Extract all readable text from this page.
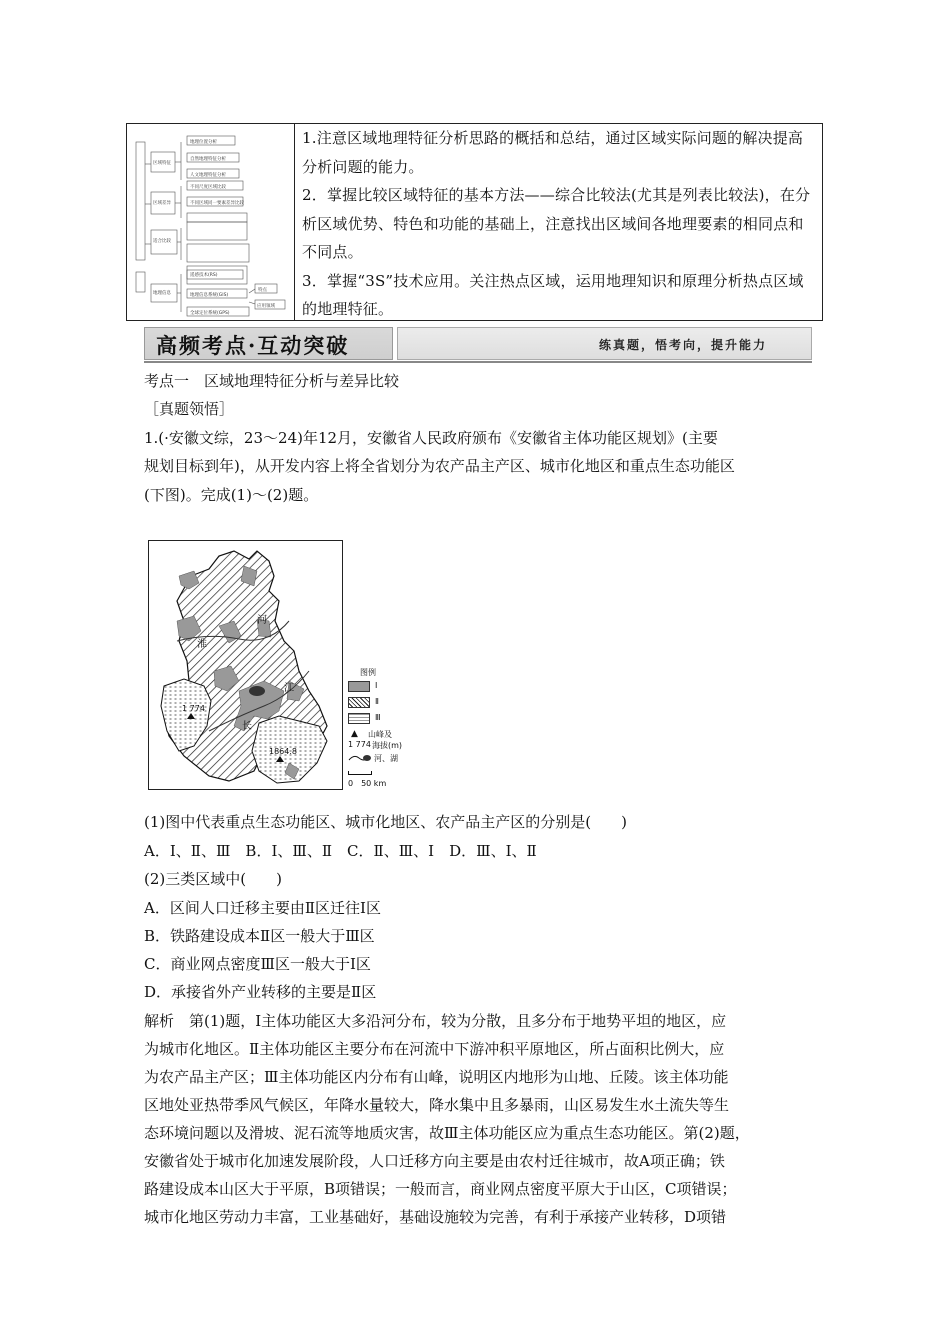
地理位置分析
自然地理特征分析
人文地理特征分析
不同尺度区域比较
不同区域同一要素差异比较
区域特征
区域差异
适合比较
地理信息
遥感技术(RS)
地理信息系统(GIS)
全球定位系统(GPS)
特点
应用领域

1.注意区域地理特征分析思路的概括和总结，通过区域实际问题的解决提高分析问题的能力。

2．掌握比较区域特征的基本方法——综合比较法(尤其是列表比较法)，在分析区域优势、特色和功能的基础上，注意找出区域间各地理要素的相同点和不同点。

3．掌握“3S”技术应用。关注热点区域，运用地理知识和原理分析热点区域的地理特征。

高频考点·互动突破	练真题，悟考向，提升能力
考点一　区域地理特征分析与差异比较
［真题领悟］
1.(·安徽文综，23～24)年12月，安徽省人民政府颁布《安徽省主体功能区规划》(主要
规划目标到年)，从开发内容上将全省划分为农产品主产区、城市化地区和重点生态功能区
(下图)。完成(1)～(2)题。
淮
河
江
长
1 774
1864.8
图例
Ⅰ
Ⅱ
Ⅲ
▲ 山峰及
1 774 海拔(m)
河、湖
0　50 km
(1)图中代表重点生态功能区、城市化地区、农产品主产区的分别是(　　)
A．Ⅰ、Ⅱ、Ⅲ　B．Ⅰ、Ⅲ、Ⅱ　C．Ⅱ、Ⅲ、Ⅰ　D．Ⅲ、Ⅰ、Ⅱ
(2)三类区域中(　　)
A．区间人口迁移主要由Ⅱ区迁往Ⅰ区
B．铁路建设成本Ⅱ区一般大于Ⅲ区
C．商业网点密度Ⅲ区一般大于Ⅰ区
D．承接省外产业转移的主要是Ⅱ区
解析　第(1)题，Ⅰ主体功能区大多沿河分布，较为分散，且多分布于地势平坦的地区，应
为城市化地区。Ⅱ主体功能区主要分布在河流中下游冲积平原地区，所占面积比例大，应
为农产品主产区；Ⅲ主体功能区内分布有山峰，说明区内地形为山地、丘陵。该主体功能
区地处亚热带季风气候区，年降水量较大，降水集中且多暴雨，山区易发生水土流失等生
态环境问题以及滑坡、泥石流等地质灾害，故Ⅲ主体功能区应为重点生态功能区。第(2)题，
安徽省处于城市化加速发展阶段，人口迁移方向主要是由农村迁往城市，故A项正确；铁
路建设成本山区大于平原，B项错误；一般而言，商业网点密度平原大于山区，C项错误；
城市化地区劳动力丰富，工业基础好，基础设施较为完善，有利于承接产业转移，D项错
